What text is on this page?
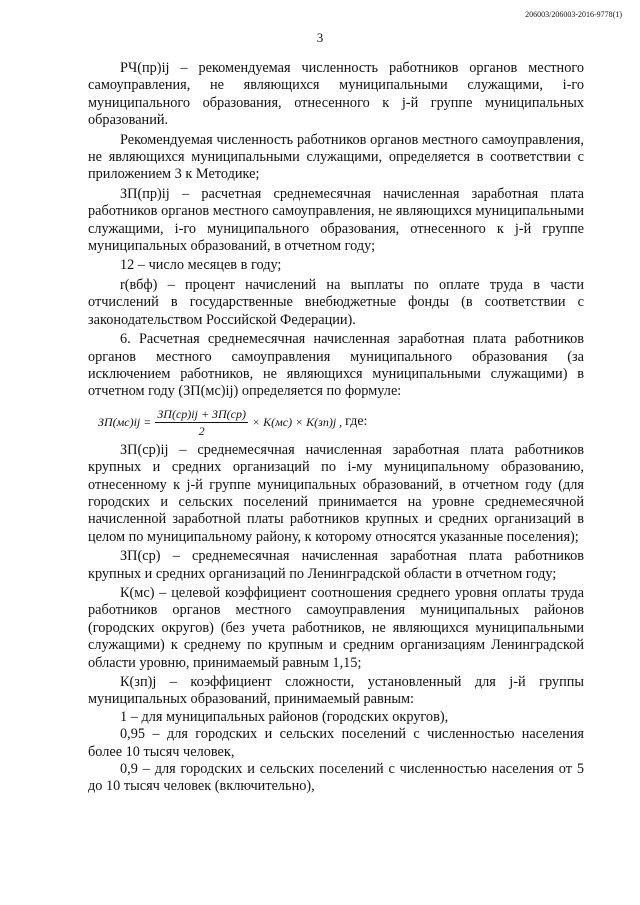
206003/206003-2016-9778(1)
3

РЧ(пр)ij – рекомендуемая численность работников органов местного самоуправления, не являющихся муниципальными служащими, i-го муниципального образования, отнесенного к j-й группе муниципальных образований.

Рекомендуемая численность работников органов местного самоуправления, не являющихся муниципальными служащими, определяется в соответствии с приложением 3 к Методике;

ЗП(пр)ij – расчетная среднемесячная начисленная заработная плата работников органов местного самоуправления, не являющихся муниципальными служащими, i-го муниципального образования, отнесенного к j-й группе муниципальных образований, в отчетном году;

12 – число месяцев в году;

r(вбф) – процент начислений на выплаты по оплате труда в части отчислений в государственные внебюджетные фонды (в соответствии с законодательством Российской Федерации).

6. Расчетная среднемесячная начисленная заработная плата работников органов местного самоуправления муниципального образования (за исключением работников, не являющихся муниципальными служащими) в отчетном году (ЗП(мс)ij) определяется по формуле:

$ЗП(мс)ij = \frac{ЗП(ср)ij + ЗП(ср)}{2} \times K(мс) \times K(зп)j$ , где:

ЗП(ср)ij – среднемесячная начисленная заработная плата работников крупных и средних организаций по i-му муниципальному образованию, отнесенному к j-й группе муниципальных образований, в отчетном году (для городских и сельских поселений принимается на уровне среднемесячной начисленной заработной платы работников крупных и средних организаций в целом по муниципальному району, к которому относятся указанные поселения);

ЗП(ср) – среднемесячная начисленная заработная плата работников крупных и средних организаций по Ленинградской области в отчетном году;

К(мс) – целевой коэффициент соотношения среднего уровня оплаты труда работников органов местного самоуправления муниципальных районов (городских округов) (без учета работников, не являющихся муниципальными служащими) к среднему по крупным и средним организациям Ленинградской области уровню, принимаемый равным 1,15;

К(зп)j – коэффициент сложности, установленный для j-й группы муниципальных образований, принимаемый равным:

1 – для муниципальных районов (городских округов),

0,95 – для городских и сельских поселений с численностью населения более 10 тысяч человек,

0,9 – для городских и сельских поселений с численностью населения от 5 до 10 тысяч человек (включительно),
